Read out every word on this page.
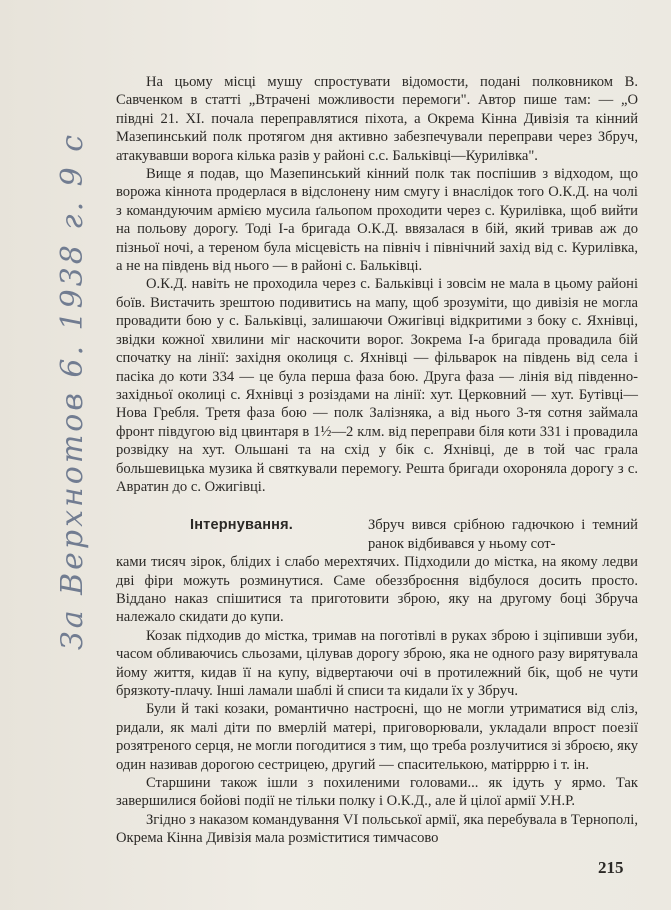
За Верхнотов 6. 1938 г. 9 с

На цьому місці мушу спростувати відомости, подані полковником В. Савченком в статті „Втрачені можливости перемоги". Автор пише там: — „О півдні 21. XI. почала переправлятися піхота, а Окрема Кінна Дивізія та кінний Мазепинський полк протягом дня активно забезпечували переправи через Збруч, атакувавши ворога кілька разів у районі с.с. Бальківці—Курилівка".

Вище я подав, що Мазепинський кінний полк так поспішив з відходом, що ворожа кіннота продерлася в відслонену ним смугу і внаслідок того О.К.Д. на чолі з командуючим армією мусила ґальопом проходити через с. Курилівка, щоб вийти на польову дорогу. Тоді І-а бригада О.К.Д. ввязалася в бій, який тривав аж до пізньої ночі, а тереном була місцевість на північ і північний захід від с. Курилівка, а не на південь від нього — в районі с. Бальківці.

О.К.Д. навіть не проходила через с. Бальківці і зовсім не мала в цьому районі боїв. Вистачить зрештою подивитись на мапу, щоб зрозуміти, що дивізія не могла провадити бою у с. Бальківці, залишаючи Ожигівці відкритими з боку с. Яхнівці, звідки кожної хвилини міг наскочити ворог. Зокрема І-а бригада провадила бій спочатку на лінії: західня околиця с. Яхнівці — фільварок на південь від села і пасіка до коти 334 — це була перша фаза бою. Друга фаза — лінія від південно-західньої околиці с. Яхнівці з розіздами на лінії: хут. Церковний — хут. Бутівці—Нова Гребля. Третя фаза бою — полк Залізняка, а від нього 3-тя сотня займала фронт півдугою від цвинтаря в 1½—2 клм. від переправи біля коти 331 і провадила розвідку на хут. Ольшані та на схід у бік с. Яхнівці, де в той час грала большевицька музика й святкували перемогу. Решта бригади охоронялa дорогу з с. Авратин до с. Ожигівці.

Інтернування.	Збруч вився срібною гадючкою і темний ранок відбивався у ньому сот-

ками тисяч зірок, блідих і слабо мерехтячих. Підходили до містка, на якому ледви дві фіри можуть розминутися. Саме обеззброєння відбулося досить просто. Віддано наказ спішитися та приготовити зброю, яку на другому боці Збруча належало скидати до купи.

Козак підходив до містка, тримав на поготівлі в руках зброю і зціпивши зуби, часом обливаючись сльозами, цілував дорогу зброю, яка не одного разу вирятувала йому життя, кидав її на купу, відвертаючи очі в протилежний бік, щоб не чути брязкоту-плачу. Інші ламали шаблі й списи та кидали їх у Збруч.

Були й такі козаки, романтично настроєні, що не могли утриматися від сліз, ридали, як малі діти по вмерлій матері, приговорювали, укладали впрост поезії розятреного серця, не могли погодитися з тим, що треба розлучитися зі зброєю, яку один називав дорогою сестрицею, другий — спасителькою, матірррю і т. ін.

Старшини також ішли з похиленими головами... як ідуть у ярмо. Так завершилися бойові події не тільки полку і О.К.Д., але й цілої армії У.Н.Р.

Згідно з наказом командування VI польської армії, яка перебувала в Тернополі, Окрема Кінна Дивізія мала розміститися тимчасово

215
